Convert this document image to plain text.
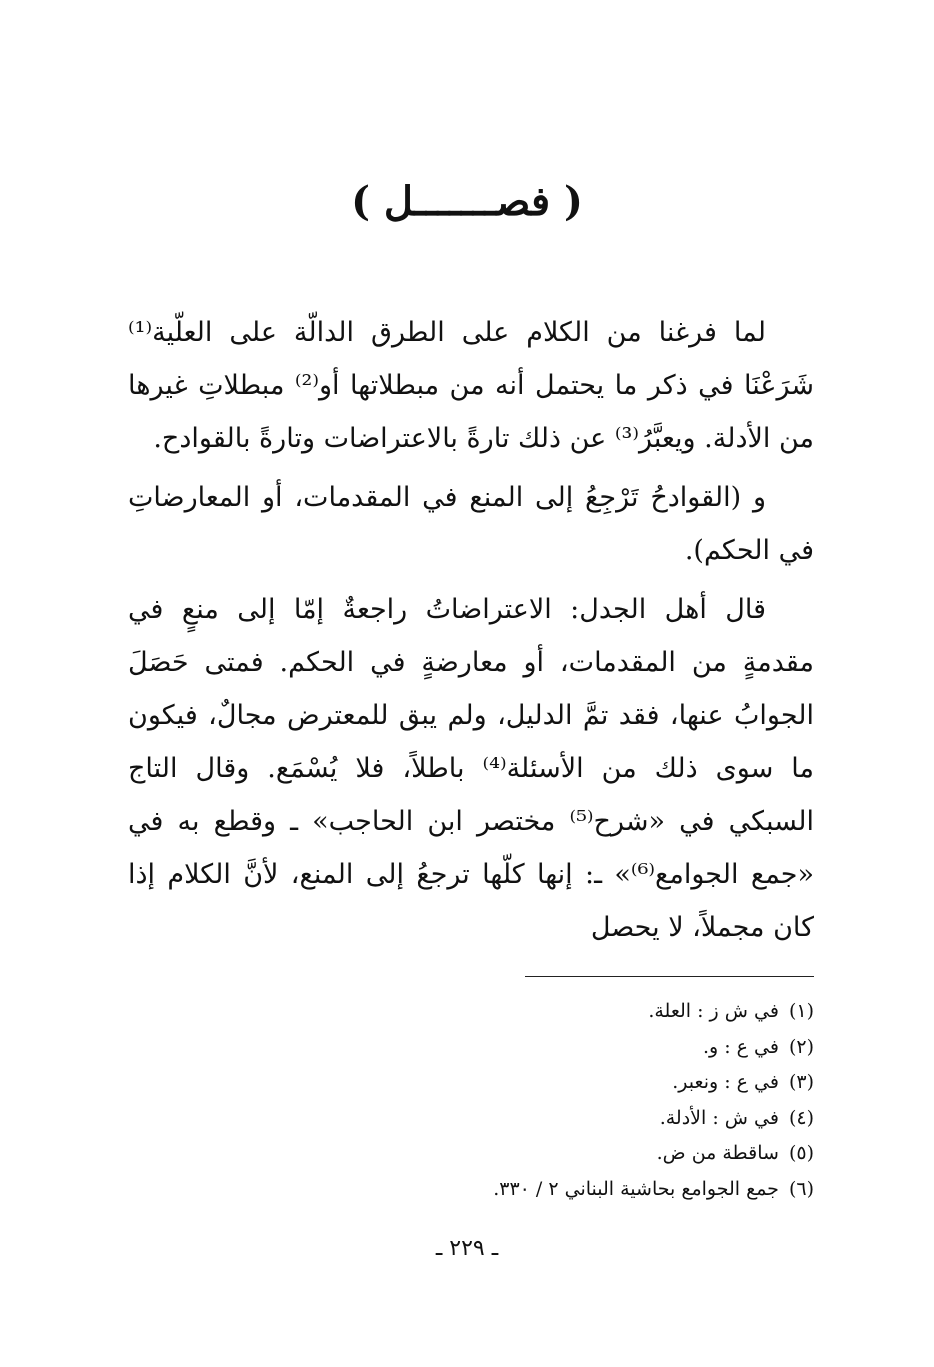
( فصـــــــل )

لما فرغنا من الكلام على الطرق الدالّة على العلّية⁽¹⁾ شَرَعْنَا في ذكر ما يحتمل أنه من مبطلاتها أو⁽²⁾ مبطلاتِ غيرها من الأدلة. ويعبَّرُ⁽³⁾ عن ذلك تارةً بالاعتراضات وتارةً بالقوادح.

و (القوادحُ تَرْجِعُ إلى المنع في المقدمات، أو المعارضاتِ في الحكم).

قال أهل الجدل: الاعتراضاتُ راجعةٌ إمّا إلى منعٍ في مقدمةٍ من المقدمات، أو معارضةٍ في الحكم. فمتى حَصَلَ الجوابُ عنها، فقد تمَّ الدليل، ولم يبق للمعترض مجالٌ، فيكون ما سوى ذلك من الأسئلة⁽⁴⁾ باطلاً، فلا يُسْمَع. وقال التاج السبكي في «شرح⁽⁵⁾ مختصر ابن الحاجب» ـ وقطع به في «جمع الجوامع⁽⁶⁾» ـ: إنها كلّها ترجعُ إلى المنع، لأنَّ الكلام إذا كان مجملاً، لا يحصل

(١)في ش ز : العلة.
(٢)في ع : و.
(٣)في ع : ونعبر.
(٤)في ش : الأدلة.
(٥)ساقطة من ض.
(٦)جمع الجوامع بحاشية البناني ٢ / ٣٣٠.
ـ ٢٢٩ ـ
